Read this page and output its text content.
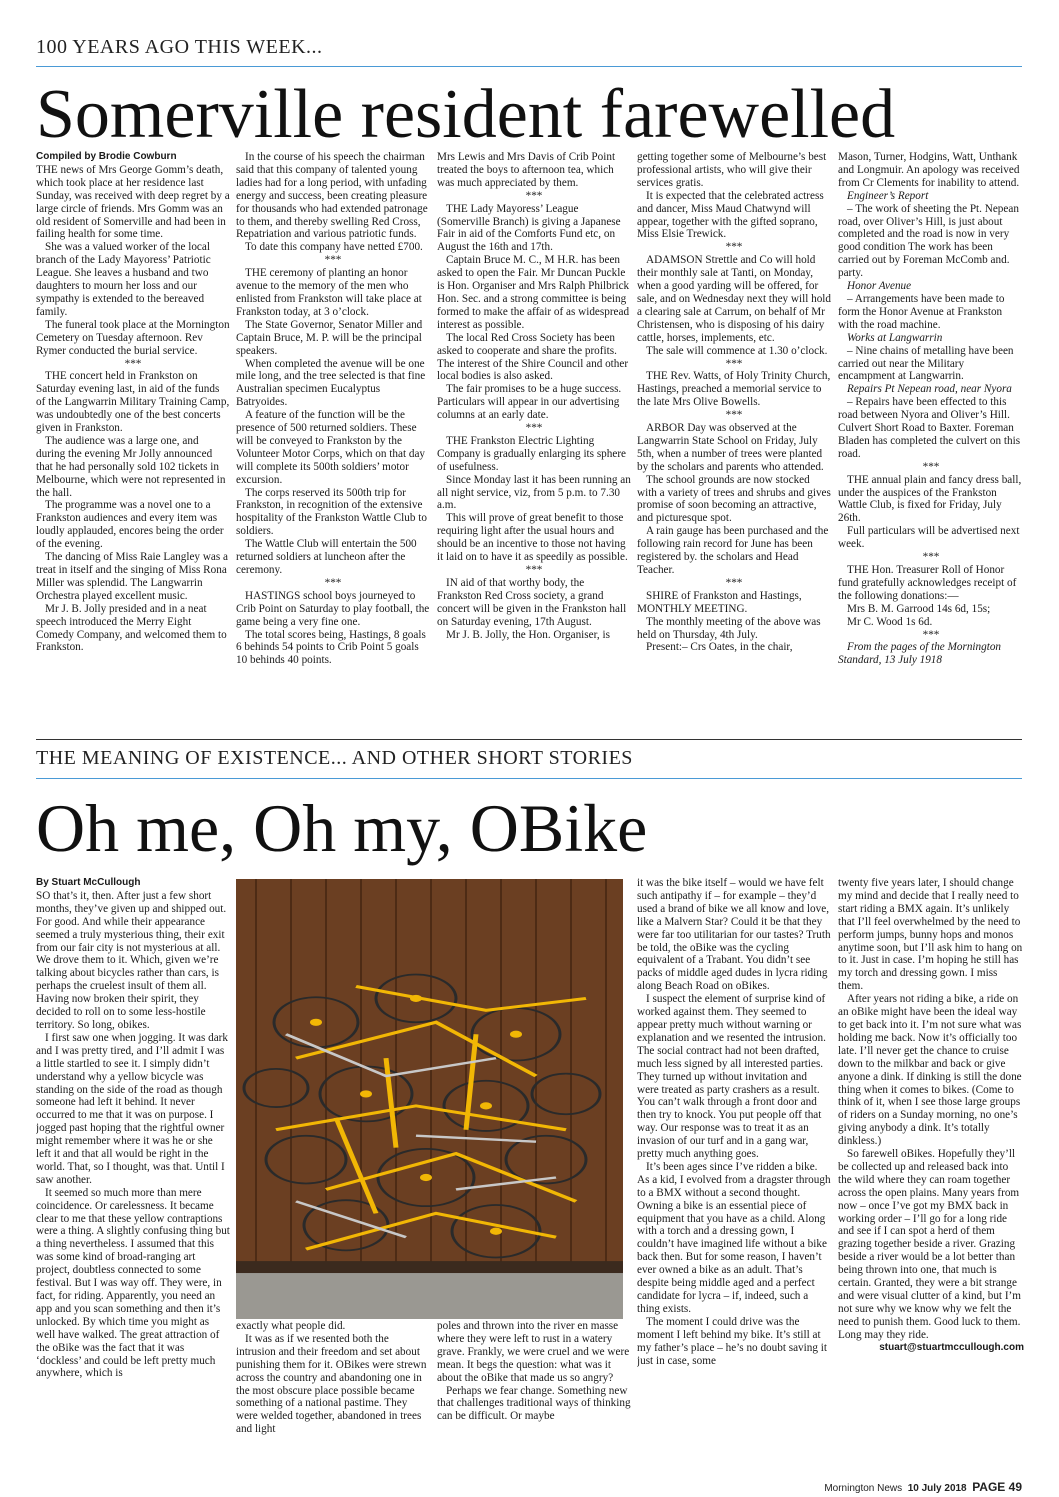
100 YEARS AGO THIS WEEK...
Somerville resident farewelled

Compiled by Brodie Cowburn

THE news of Mrs George Gomm’s death, which took place at her residence last Sunday, was received with deep regret by a large circle of friends. Mrs Gomm was an old resident of Somerville and had been in failing health for some time.

She was a valued worker of the local branch of the Lady Mayoress’ Patriotic League. She leaves a husband and two daughters to mourn her loss and our sympathy is extended to the bereaved family.

The funeral took place at the Mornington Cemetery on Tuesday afternoon. Rev Rymer conducted the burial service.

***

THE concert held in Frankston on Saturday evening last, in aid of the funds of the Langwarrin Military Training Camp, was undoubtedly one of the best concerts given in Frankston.

The audience was a large one, and during the evening Mr Jolly announced that he had personally sold 102 tickets in Melbourne, which were not represented in the hall.

The programme was a novel one to a Frankston audiences and every item was loudly applauded, encores being the order of the evening.

The dancing of Miss Raie Langley was a treat in itself and the singing of Miss Rona Miller was splendid. The Langwarrin Orchestra played excellent music.

Mr J. B. Jolly presided and in a neat speech introduced the Merry Eight Comedy Company, and welcomed them to Frankston.

In the course of his speech the chairman said that this company of talented young ladies had for a long period, with unfading energy and success, been creating pleasure for thousands who had extended patronage to them, and thereby swelling Red Cross, Repatriation and various patriotic funds.

To date this company have netted £700.

***

THE ceremony of planting an honor avenue to the memory of the men who enlisted from Frankston will take place at Frankston today, at 3 o’clock.

The State Governor, Senator Miller and Captain Bruce, M. P. will be the principal speakers.

When completed the avenue will be one mile long, and the tree selected is that fine Australian specimen Eucalyptus Batryoides.

A feature of the function will be the presence of 500 returned soldiers. These will be conveyed to Frankston by the Volunteer Motor Corps, which on that day will complete its 500th soldiers’ motor excursion.

The corps reserved its 500th trip for Frankston, in recognition of the extensive hospitality of the Frankston Wattle Club to soldiers.

The Wattle Club will entertain the 500 returned soldiers at luncheon after the ceremony.

***

HASTINGS school boys journeyed to Crib Point on Saturday to play football, the game being a very fine one.

The total scores being, Hastings, 8 goals 6 behinds 54 points to Crib Point 5 goals 10 behinds 40 points.

Mrs Lewis and Mrs Davis of Crib Point treated the boys to afternoon tea, which was much appreciated by them.

***

THE Lady Mayoress’ League (Somerville Branch) is giving a Japanese Fair in aid of the Comforts Fund etc, on August the 16th and 17th.

Captain Bruce M. C., M H.R. has been asked to open the Fair. Mr Duncan Puckle is Hon. Organiser and Mrs Ralph Philbrick Hon. Sec. and a strong committee is being formed to make the affair of as widespread interest as possible.

The local Red Cross Society has been asked to cooperate and share the profits. The interest of the Shire Council and other local bodies is also asked.

The fair promises to be a huge success. Particulars will appear in our advertising columns at an early date.

***

THE Frankston Electric Lighting Company is gradually enlarging its sphere of usefulness.

Since Monday last it has been running an all night service, viz, from 5 p.m. to 7.30 a.m.

This will prove of great benefit to those requiring light after the usual hours and should be an incentive to those not having it laid on to have it as speedily as possible.

***

IN aid of that worthy body, the Frankston Red Cross society, a grand concert will be given in the Frankston hall on Saturday evening, 17th August.

Mr J. B. Jolly, the Hon. Organiser, is

getting together some of Melbourne’s best professional artists, who will give their services gratis.

It is expected that the celebrated actress and dancer, Miss Maud Chatwynd will appear, together with the gifted soprano, Miss Elsie Trewick.

***

ADAMSON Strettle and Co will hold their monthly sale at Tanti, on Monday, when a good yarding will be offered, for sale, and on Wednesday next they will hold a clearing sale at Carrum, on behalf of Mr Christensen, who is disposing of his dairy cattle, horses, implements, etc.

The sale will commence at 1.30 o’clock.

***

THE Rev. Watts, of Holy Trinity Church, Hastings, preached a memorial service to the late Mrs Olive Bowells.

***

ARBOR Day was observed at the Langwarrin State School on Friday, July 5th, when a number of trees were planted by the scholars and parents who attended.

The school grounds are now stocked with a variety of trees and shrubs and gives promise of soon becoming an attractive, and picturesque spot.

A rain gauge has been purchased and the following rain record for June has been registered by. the scholars and Head Teacher.

***

SHIRE of Frankston and Hastings, MONTHLY MEETING.

The monthly meeting of the above was held on Thursday, 4th July.

Present:– Crs Oates, in the chair,

Mason, Turner, Hodgins, Watt, Unthank and Longmuir. An apology was received from Cr Clements for inability to attend.

Engineer’s Report

– The work of sheeting the Pt. Nepean road, over Oliver’s Hill, is just about completed and the road is now in very good condition The work has been carried out by Foreman McComb and. party.

Honor Avenue

– Arrangements have been made to form the Honor Avenue at Frankston with the road machine.

Works at Langwarrin

– Nine chains of metalling have been carried out near the Military encampment at Langwarrin.

Repairs Pt Nepean road, near Nyora

– Repairs have been effected to this road between Nyora and Oliver’s Hill. Culvert Short Road to Baxter. Foreman Bladen has completed the culvert on this road.

***

THE annual plain and fancy dress ball, under the auspices of the Frankston Wattle Club, is fixed for Friday, July 26th.

Full particulars will be advertised next week.

***

THE Hon. Treasurer Roll of Honor fund gratefully acknowledges receipt of the following donations:—

Mrs B. M. Garrood 14s 6d, 15s;

Mr C. Wood 1s 6d.

***

From the pages of the Mornington Standard, 13 July 1918

THE MEANING OF EXISTENCE... AND OTHER SHORT STORIES
Oh me, Oh my, OBike

By Stuart McCullough

SO that’s it, then. After just a few short months, they’ve given up and shipped out. For good. And while their appearance seemed a truly mysterious thing, their exit from our fair city is not mysterious at all. We drove them to it. Which, given we’re talking about bicycles rather than cars, is perhaps the cruelest insult of them all. Having now broken their spirit, they decided to roll on to some less-hostile territory. So long, obikes.

I first saw one when jogging. It was dark and I was pretty tired, and I’ll admit I was a little startled to see it. I simply didn’t understand why a yellow bicycle was standing on the side of the road as though someone had left it behind. It never occurred to me that it was on purpose. I jogged past hoping that the rightful owner might remember where it was he or she left it and that all would be right in the world. That, so I thought, was that. Until I saw another.

It seemed so much more than mere coincidence. Or carelessness. It became clear to me that these yellow contraptions were a thing. A slightly confusing thing but a thing nevertheless. I assumed that this was some kind of broad-ranging art project, doubtless connected to some festival. But I was way off. They were, in fact, for riding. Apparently, you need an app and you scan something and then it’s unlocked. By which time you might as well have walked. The great attraction of the oBike was the fact that it was ‘dockless’ and could be left pretty much anywhere, which is

exactly what people did.

It was as if we resented both the intrusion and their freedom and set about punishing them for it. OBikes were strewn across the country and abandoning one in the most obscure place possible became something of a national pastime. They were welded together, abandoned in trees and light

poles and thrown into the river en masse where they were left to rust in a watery grave. Frankly, we were cruel and we were mean. It begs the question: what was it about the oBike that made us so angry?

Perhaps we fear change. Something new that challenges traditional ways of thinking can be difficult. Or maybe

it was the bike itself – would we have felt such antipathy if – for example – they’d used a brand of bike we all know and love, like a Malvern Star? Could it be that they were far too utilitarian for our tastes? Truth be told, the oBike was the cycling equivalent of a Trabant. You didn’t see packs of middle aged dudes in lycra riding along Beach Road on oBikes.

I suspect the element of surprise kind of worked against them. They seemed to appear pretty much without warning or explanation and we resented the intrusion. The social contract had not been drafted, much less signed by all interested parties. They turned up without invitation and were treated as party crashers as a result. You can’t walk through a front door and then try to knock. You put people off that way. Our response was to treat it as an invasion of our turf and in a gang war, pretty much anything goes.

It’s been ages since I’ve ridden a bike. As a kid, I evolved from a dragster through to a BMX without a second thought. Owning a bike is an essential piece of equipment that you have as a child. Along with a torch and a dressing gown, I couldn’t have imagined life without a bike back then. But for some reason, I haven’t ever owned a bike as an adult. That’s despite being middle aged and a perfect candidate for lycra – if, indeed, such a thing exists.

The moment I could drive was the moment I left behind my bike. It’s still at my father’s place – he’s no doubt saving it just in case, some

twenty five years later, I should change my mind and decide that I really need to start riding a BMX again. It’s unlikely that I’ll feel overwhelmed by the need to perform jumps, bunny hops and monos anytime soon, but I’ll ask him to hang on to it. Just in case. I’m hoping he still has my torch and dressing gown. I miss them.

After years not riding a bike, a ride on an oBike might have been the ideal way to get back into it. I’m not sure what was holding me back. Now it’s officially too late. I’ll never get the chance to cruise down to the milkbar and back or give anyone a dink. If dinking is still the done thing when it comes to bikes. (Come to think of it, when I see those large groups of riders on a Sunday morning, no one’s giving anybody a dink. It’s totally dinkless.)

So farewell oBikes. Hopefully they’ll be collected up and released back into the wild where they can roam together across the open plains. Many years from now – once I’ve got my BMX back in working order – I’ll go for a long ride and see if I can spot a herd of them grazing together beside a river. Grazing beside a river would be a lot better than being thrown into one, that much is certain. Granted, they were a bit strange and were visual clutter of a kind, but I’m not sure why we know why we felt the need to punish them. Good luck to them. Long may they ride.

stuart@stuartmccullough.com

Mornington News 10 July 2018 PAGE 49
